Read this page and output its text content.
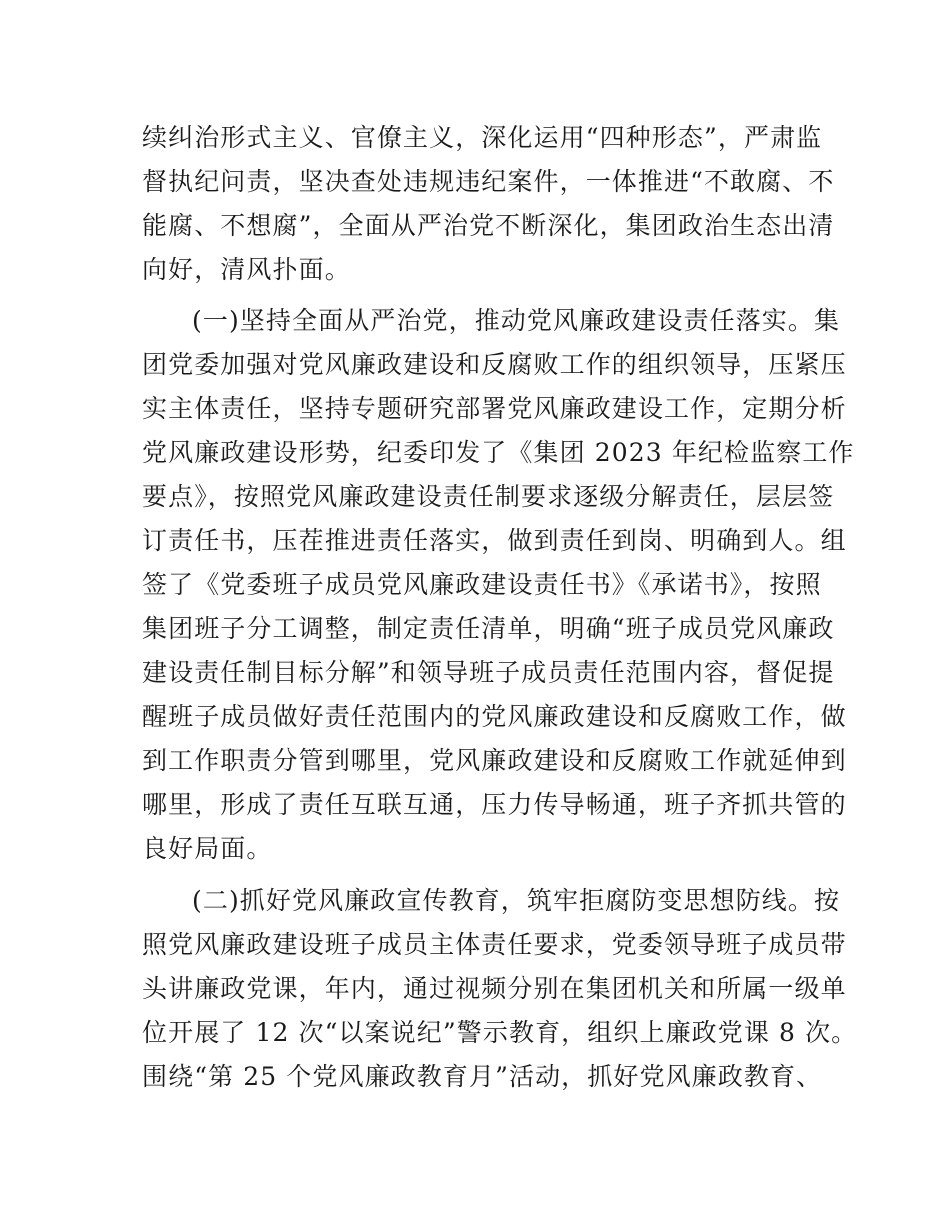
续纠治形式主义、官僚主义，深化运用“四种形态”，严肃监
督执纪问责，坚决查处违规违纪案件，一体推进“不敢腐、不
能腐、不想腐”，全面从严治党不断深化，集团政治生态出清
向好，清风扑面。
(一)坚持全面从严治党，推动党风廉政建设责任落实。集
团党委加强对党风廉政建设和反腐败工作的组织领导，压紧压
实主体责任，坚持专题研究部署党风廉政建设工作，定期分析
党风廉政建设形势，纪委印发了《集团 2023 年纪检监察工作
要点》，按照党风廉政建设责任制要求逐级分解责任，层层签
订责任书，压茬推进责任落实，做到责任到岗、明确到人。组
签了《党委班子成员党风廉政建设责任书》《承诺书》，按照
集团班子分工调整，制定责任清单，明确“班子成员党风廉政
建设责任制目标分解”和领导班子成员责任范围内容，督促提
醒班子成员做好责任范围内的党风廉政建设和反腐败工作，做
到工作职责分管到哪里，党风廉政建设和反腐败工作就延伸到
哪里，形成了责任互联互通，压力传导畅通，班子齐抓共管的
良好局面。
(二)抓好党风廉政宣传教育，筑牢拒腐防变思想防线。按
照党风廉政建设班子成员主体责任要求，党委领导班子成员带
头讲廉政党课，年内，通过视频分别在集团机关和所属一级单
位开展了 12 次“以案说纪”警示教育，组织上廉政党课 8 次。
围绕“第 25 个党风廉政教育月”活动，抓好党风廉政教育、
